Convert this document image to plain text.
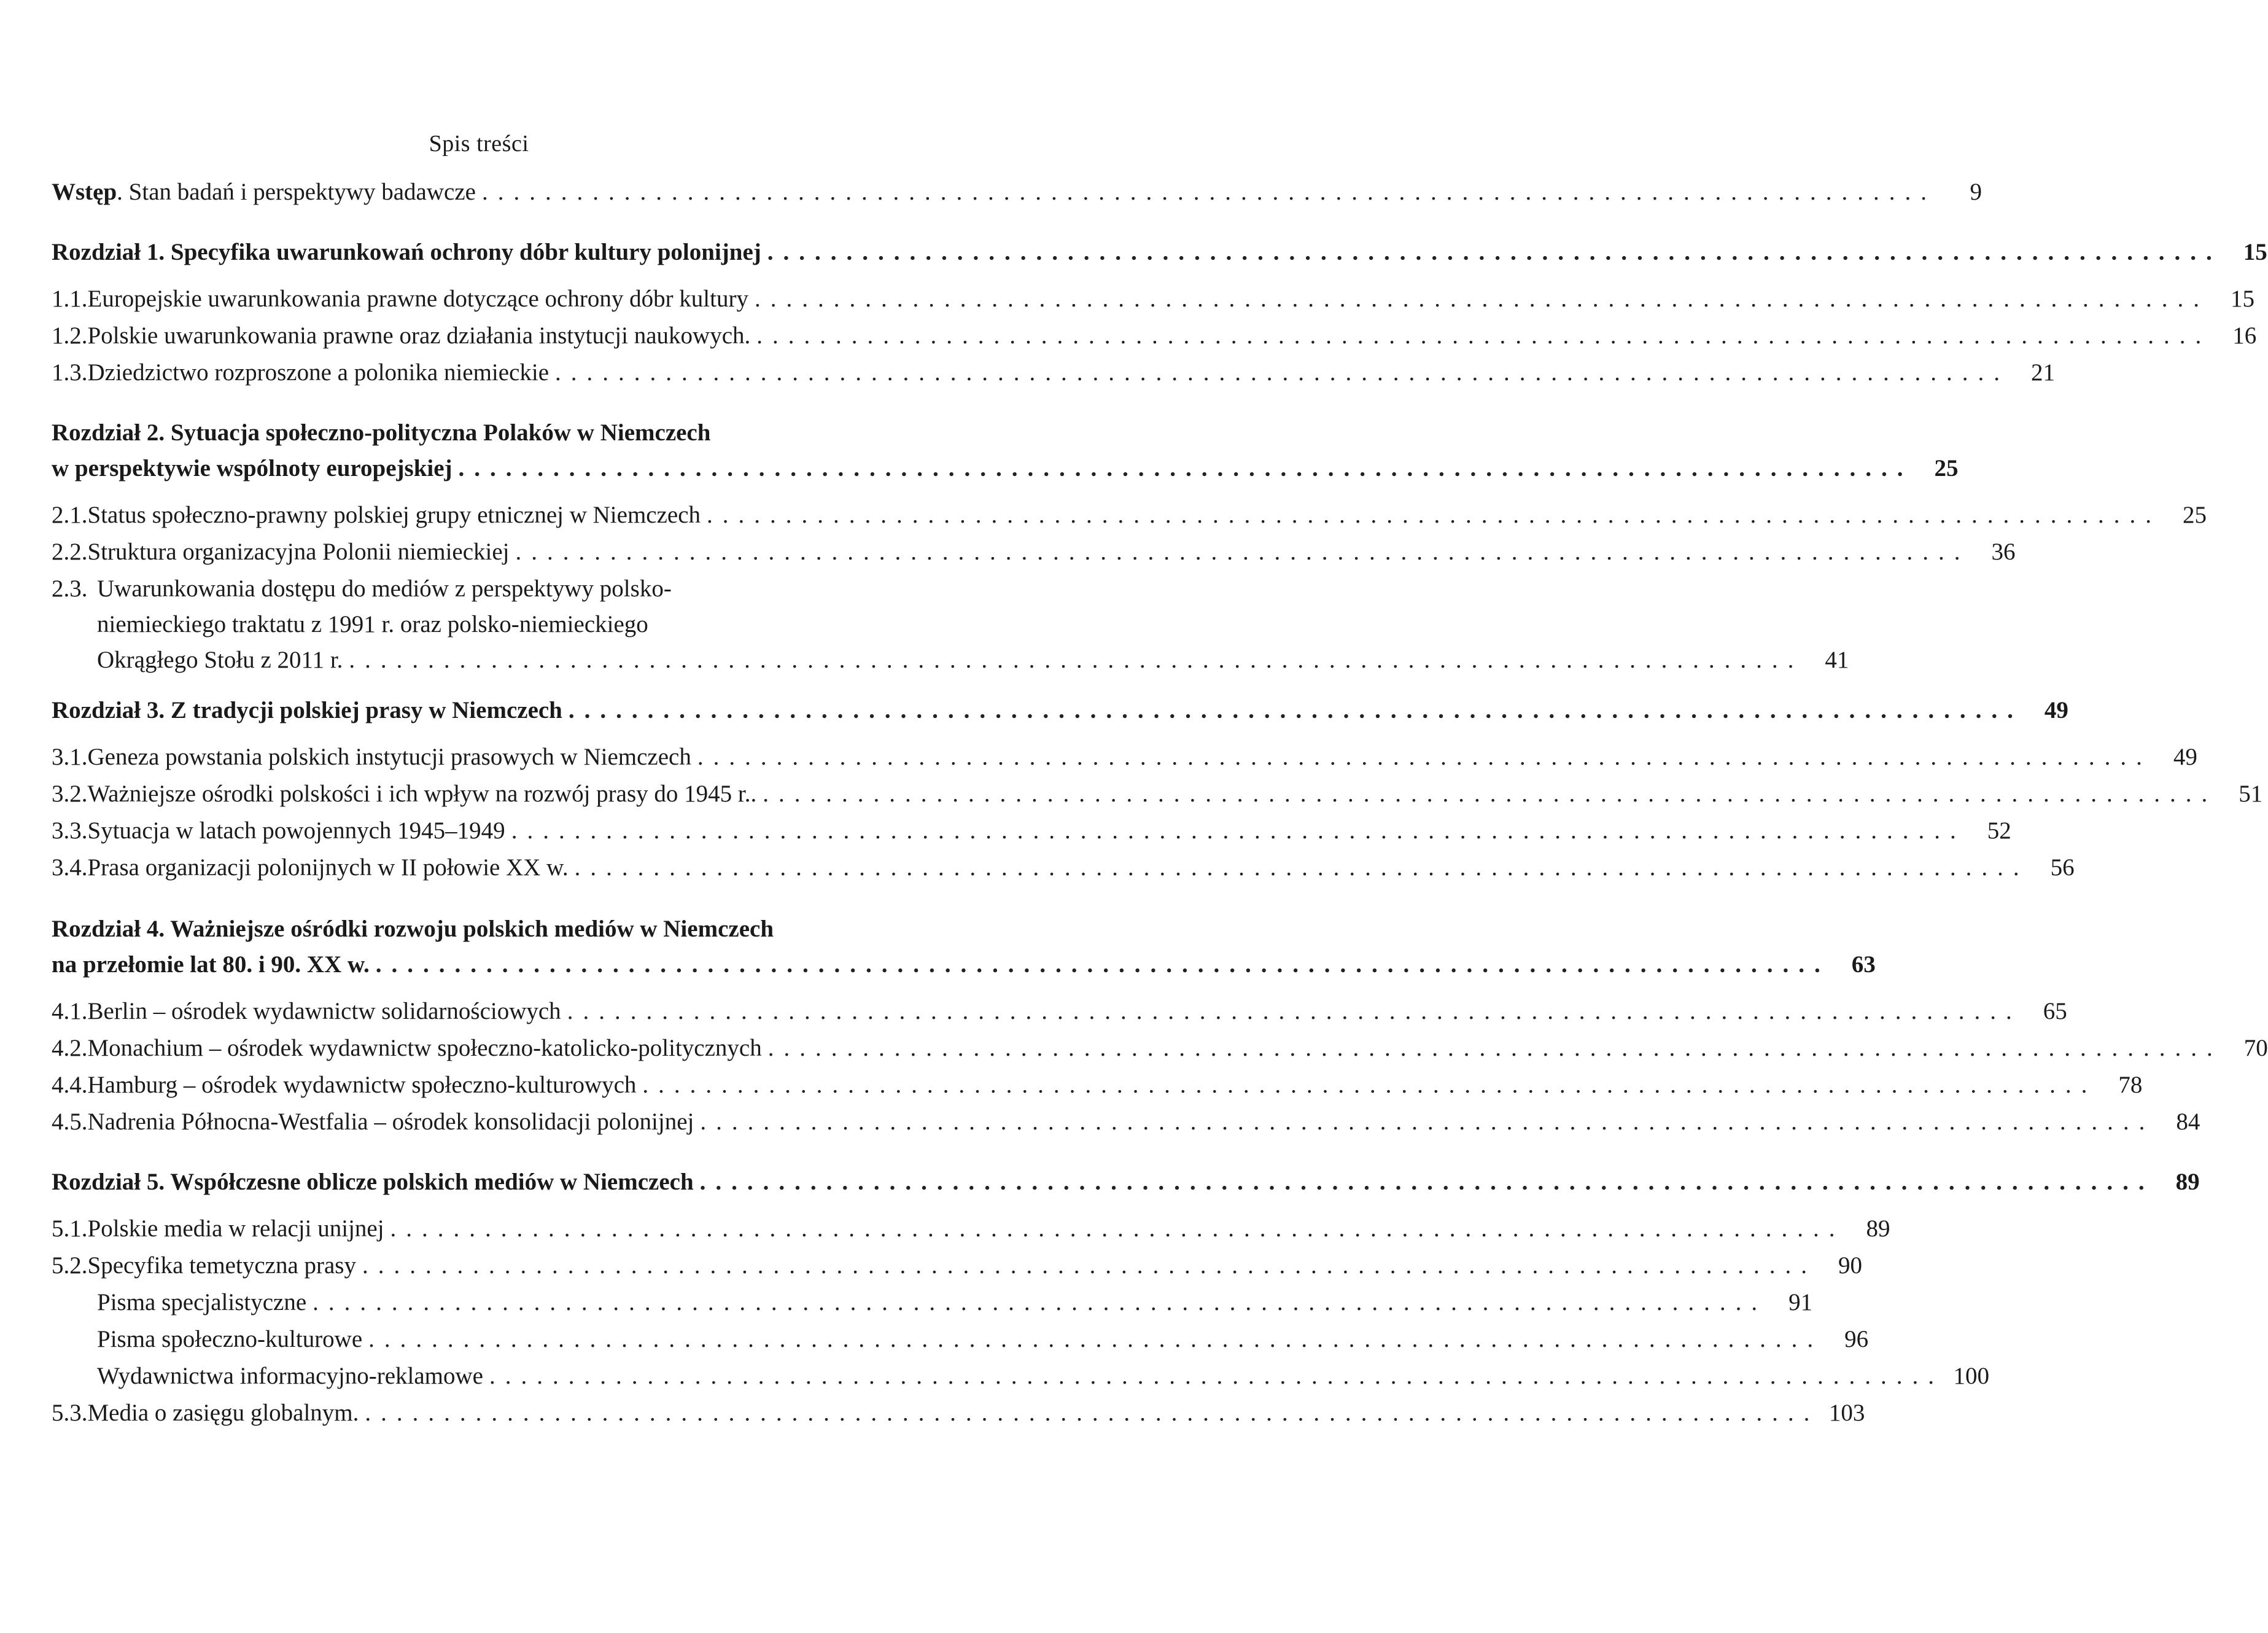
Spis treści
Wstęp . Stan badań i perspektywy badawcze ............................................................................................	9
Rozdział 1. Specyfika uwarunkowań ochrony dóbr kultury polonijnej ............................................................................................ 15
1.1. Europejskie uwarunkowania prawne dotyczące ochrony dóbr kultury ............................................................................................ 15
1.2. Polskie uwarunkowania prawne oraz działania instytucji naukowych. ............................................................................................ 16
1.3. Dziedzictwo rozproszone a polonika niemieckie ............................................................................................ 21
Rozdział 2. Sytuacja społeczno-polityczna Polaków w Niemczech
w perspektywie wspólnoty europejskiej ............................................................................................ 25
2.1. Status społeczno-prawny polskiej grupy etnicznej w Niemczech ............................................................................................ 25
2.2. Struktura organizacyjna Polonii niemieckiej ............................................................................................ 36
2.3. Uwarunkowania dostępu do mediów z perspektywy polsko-
niemieckiego traktatu z 1991 r. oraz polsko-niemieckiego
Okrągłego Stołu z 2011 r. ............................................................................................ 41
Rozdział 3. Z tradycji polskiej prasy w Niemczech ............................................................................................ 49
3.1. Geneza powstania polskich instytucji prasowych w Niemczech ............................................................................................ 49
3.2. Ważniejsze ośrodki polskości i ich wpływ na rozwój prasy do 1945 r.. ............................................................................................ 51
3.3. Sytuacja w latach powojennych 1945–1949 ............................................................................................ 52
3.4. Prasa organizacji polonijnych w II połowie XX w. ............................................................................................ 56
Rozdział 4. Ważniejsze ośródki rozwoju polskich mediów w Niemczech
na przełomie lat 80. i 90. XX w. ............................................................................................ 63
4.1. Berlin – ośrodek wydawnictw solidarnościowych ............................................................................................ 65
4.2. Monachium – ośrodek wydawnictw społeczno-katolicko-politycznych ............................................................................................ 70
4.4. Hamburg – ośrodek wydawnictw społeczno-kulturowych ............................................................................................ 78
4.5. Nadrenia Północna-Westfalia – ośrodek konsolidacji polonijnej ............................................................................................ 84
Rozdział 5. Współczesne oblicze polskich mediów w Niemczech ............................................................................................ 89
5.1. Polskie media w relacji unijnej ............................................................................................ 89
5.2. Specyfika temetyczna prasy ............................................................................................ 90
Pisma specjalistyczne ............................................................................................ 91
Pisma społeczno-kulturowe ............................................................................................ 96
Wydawnictwa informacyjno-reklamowe ............................................................................................ 100
5.3. Media o zasięgu globalnym. ............................................................................................ 103
